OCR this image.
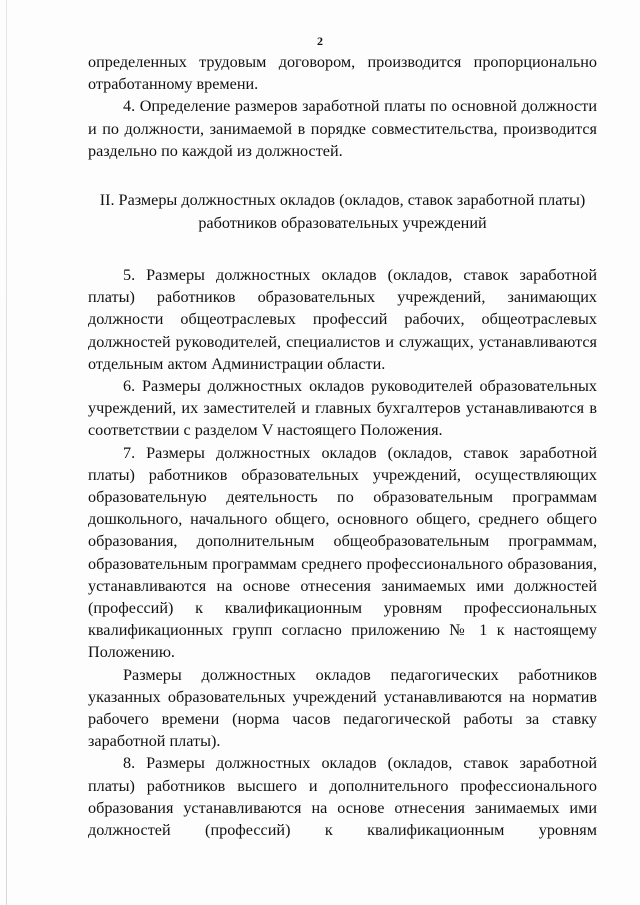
2

определенных трудовым договором, производится пропорционально отработанному времени.

4. Определение размеров заработной платы по основной должности и по должности, занимаемой в порядке совместительства, производится раздельно по каждой из должностей.

II. Размеры должностных окладов (окладов, ставок заработной платы)
работников образовательных учреждений

5. Размеры должностных окладов (окладов, ставок заработной платы) работников образовательных учреждений, занимающих должности общеотраслевых профессий рабочих, общеотраслевых должностей руководителей, специалистов и служащих, устанавливаются отдельным актом Администрации области.

6. Размеры должностных окладов руководителей образовательных учреждений, их заместителей и главных бухгалтеров устанавливаются в соответствии с разделом V настоящего Положения.

7. Размеры должностных окладов (окладов, ставок заработной платы) работников образовательных учреждений, осуществляющих образовательную деятельность по образовательным программам дошкольного, начального общего, основного общего, среднего общего образования, дополнительным общеобразовательным программам, образовательным программам среднего профессионального образования, устанавливаются на основе отнесения занимаемых ими должностей (профессий) к квалификационным уровням профессиональных квалификационных групп согласно приложению № 1 к настоящему Положению.

Размеры должностных окладов педагогических работников указанных образовательных учреждений устанавливаются на норматив рабочего времени (норма часов педагогической работы за ставку заработной платы).

8. Размеры должностных окладов (окладов, ставок заработной платы) работников высшего и дополнительного профессионального образования устанавливаются на основе отнесения занимаемых ими должностей (профессий) к квалификационным уровням
